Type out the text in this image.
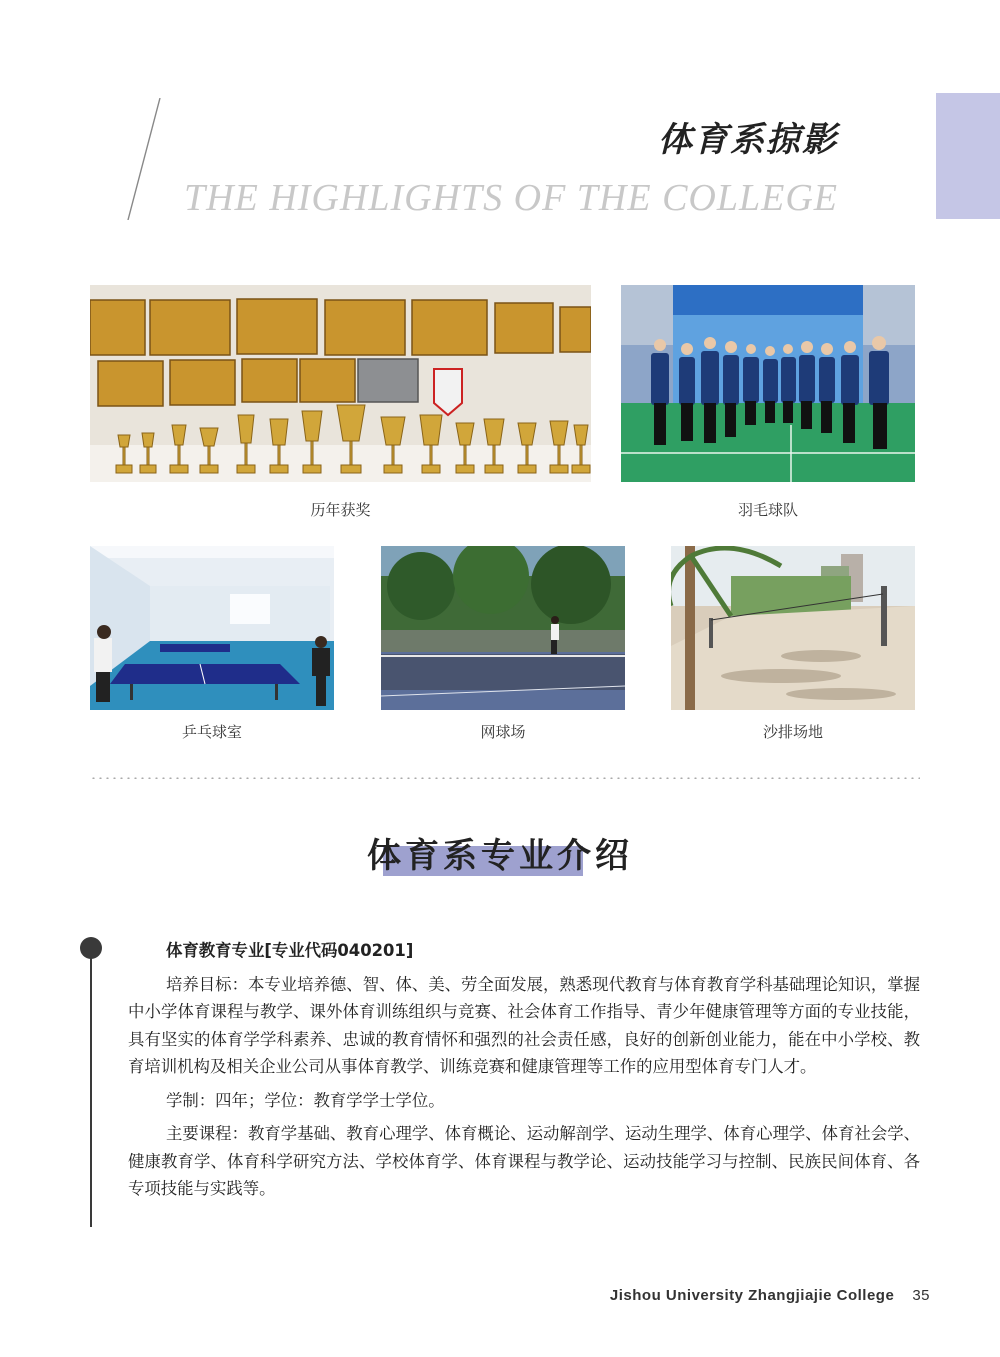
体育系掠影
THE HIGHLIGHTS OF THE COLLEGE
历年获奖	羽毛球队
乒乓球室	网球场	沙排场地
体育系专业介绍
体育教育专业[专业代码040201]

培养目标：本专业培养德、智、体、美、劳全面发展，熟悉现代教育与体育教育学科基础理论知识，掌握中小学体育课程与教学、课外体育训练组织与竞赛、社会体育工作指导、青少年健康管理等方面的专业技能，具有坚实的体育学学科素养、忠诚的教育情怀和强烈的社会责任感，良好的创新创业能力，能在中小学校、教育培训机构及相关企业公司从事体育教学、训练竞赛和健康管理等工作的应用型体育专门人才。

学制：四年；学位：教育学学士学位。

主要课程：教育学基础、教育心理学、体育概论、运动解剖学、运动生理学、体育心理学、体育社会学、健康教育学、体育科学研究方法、学校体育学、体育课程与教学论、运动技能学习与控制、民族民间体育、各专项技能与实践等。

Jishou University Zhangjiajie College 35
